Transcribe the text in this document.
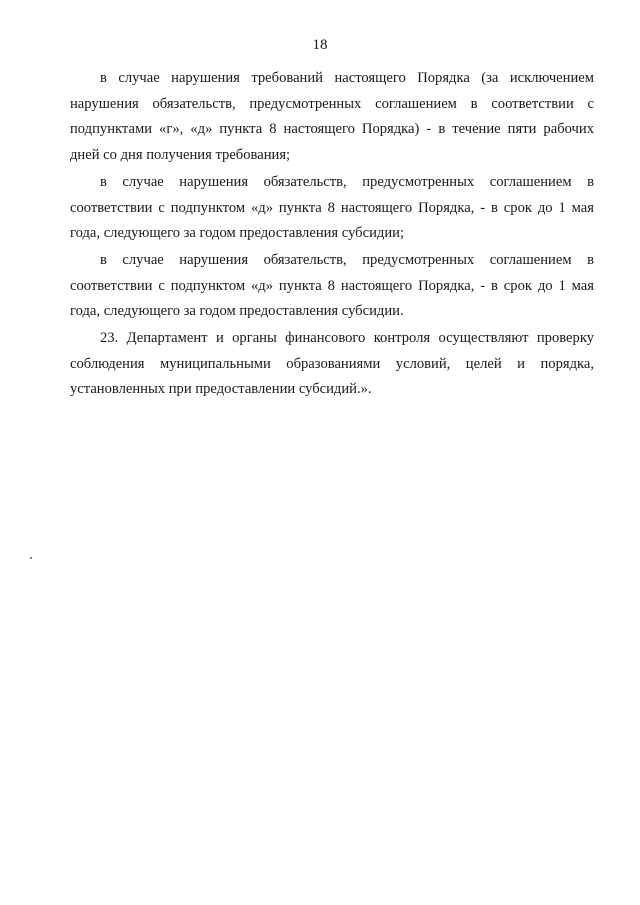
18
в случае нарушения требований настоящего Порядка (за исключением
нарушения обязательств, предусмотренных соглашением в соответствии с
подпунктами «г», «д» пункта 8 настоящего Порядка) - в течение пяти рабочих
дней со дня получения требования;
в случае нарушения обязательств, предусмотренных соглашением в
соответствии с подпунктом «д» пункта 8 настоящего Порядка, - в срок до 1 мая
года, следующего за годом предоставления субсидии;
в случае нарушения обязательств, предусмотренных соглашением в
соответствии с подпунктом «д» пункта 8 настоящего Порядка, - в срок до 1 мая
года, следующего за годом предоставления субсидии.
23. Департамент и органы финансового контроля осуществляют проверку
соблюдения муниципальными образованиями условий, целей и порядка,
установленных при предоставлении субсидий.».
